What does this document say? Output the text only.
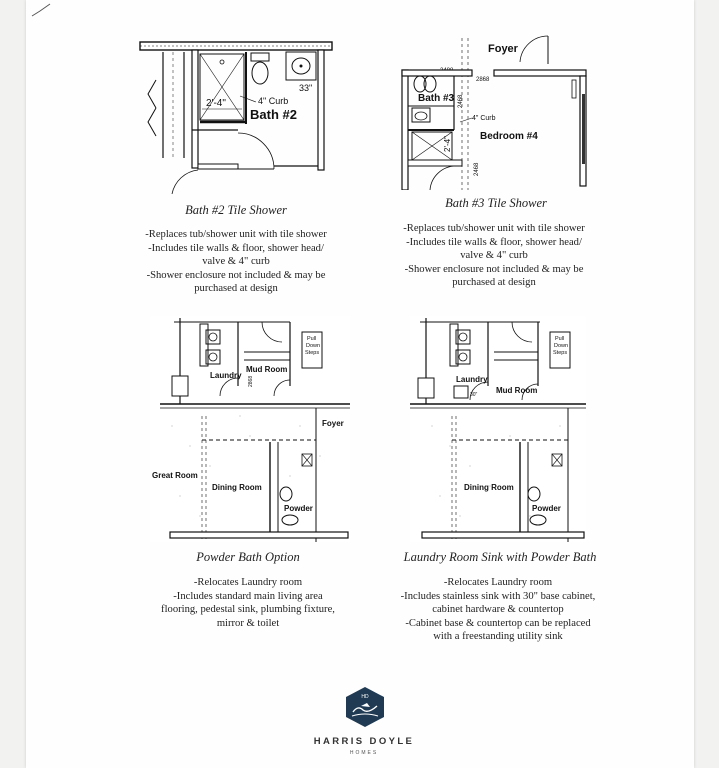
33"
2'-4"	4" Curb
Bath #2
Bath #2 Tile Shower
-Replaces tub/shower unit with tile shower
-Includes tile walls & floor, shower head/
valve & 4" curb
-Shower enclosure not included & may be
purchased at design
Foyer
2868
Bath #3 2468
4" Curb
2'-4"	Bedroom #4
2468
Bath #3 Tile Shower
-Replaces tub/shower unit with tile shower
-Includes tile walls & floor, shower head/
valve & 4" curb
-Shower enclosure not included & may be
purchased at design
Pull
Down
Steps
Laundry
Mud Room
2868
Foyer
Great Room
Dining Room
Powder
Powder Bath Option
-Relocates Laundry room
-Includes standard main living area
flooring, pedestal sink, plumbing fixture,
mirror & toilet
Pull
Down
Steps
Laundry
Mud Room
30"
Dining Room
Powder
Laundry Room Sink with Powder Bath
-Relocates Laundry room
-Includes stainless sink with 30" base cabinet,
cabinet hardware & countertop
-Cabinet base & countertop can be replaced
with a freestanding utility sink
HD
HARRIS DOYLE
HOMES
